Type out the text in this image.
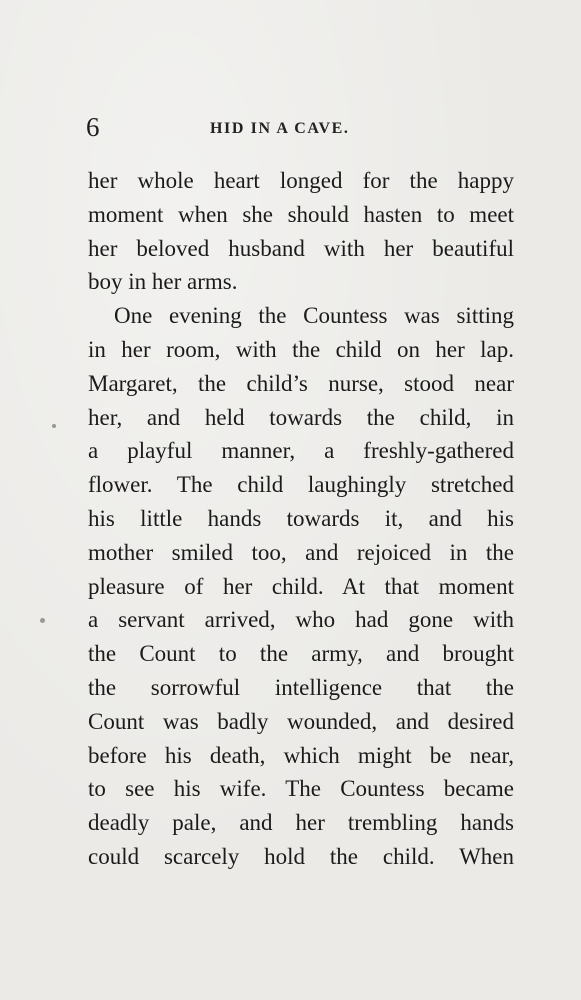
6	HID IN A CAVE.
her whole heart longed for the happy
moment when she should hasten to meet
her beloved husband with her beautiful
boy in her arms.
One evening the Countess was sitting
in her room, with the child on her lap.
Margaret, the child’s nurse, stood near
her, and held towards the child, in
a playful manner, a freshly-gathered
flower. The child laughingly stretched
his little hands towards it, and his
mother smiled too, and rejoiced in the
pleasure of her child. At that moment
a servant arrived, who had gone with
the Count to the army, and brought
the sorrowful intelligence that the
Count was badly wounded, and desired
before his death, which might be near,
to see his wife. The Countess became
deadly pale, and her trembling hands
could scarcely hold the child. When
